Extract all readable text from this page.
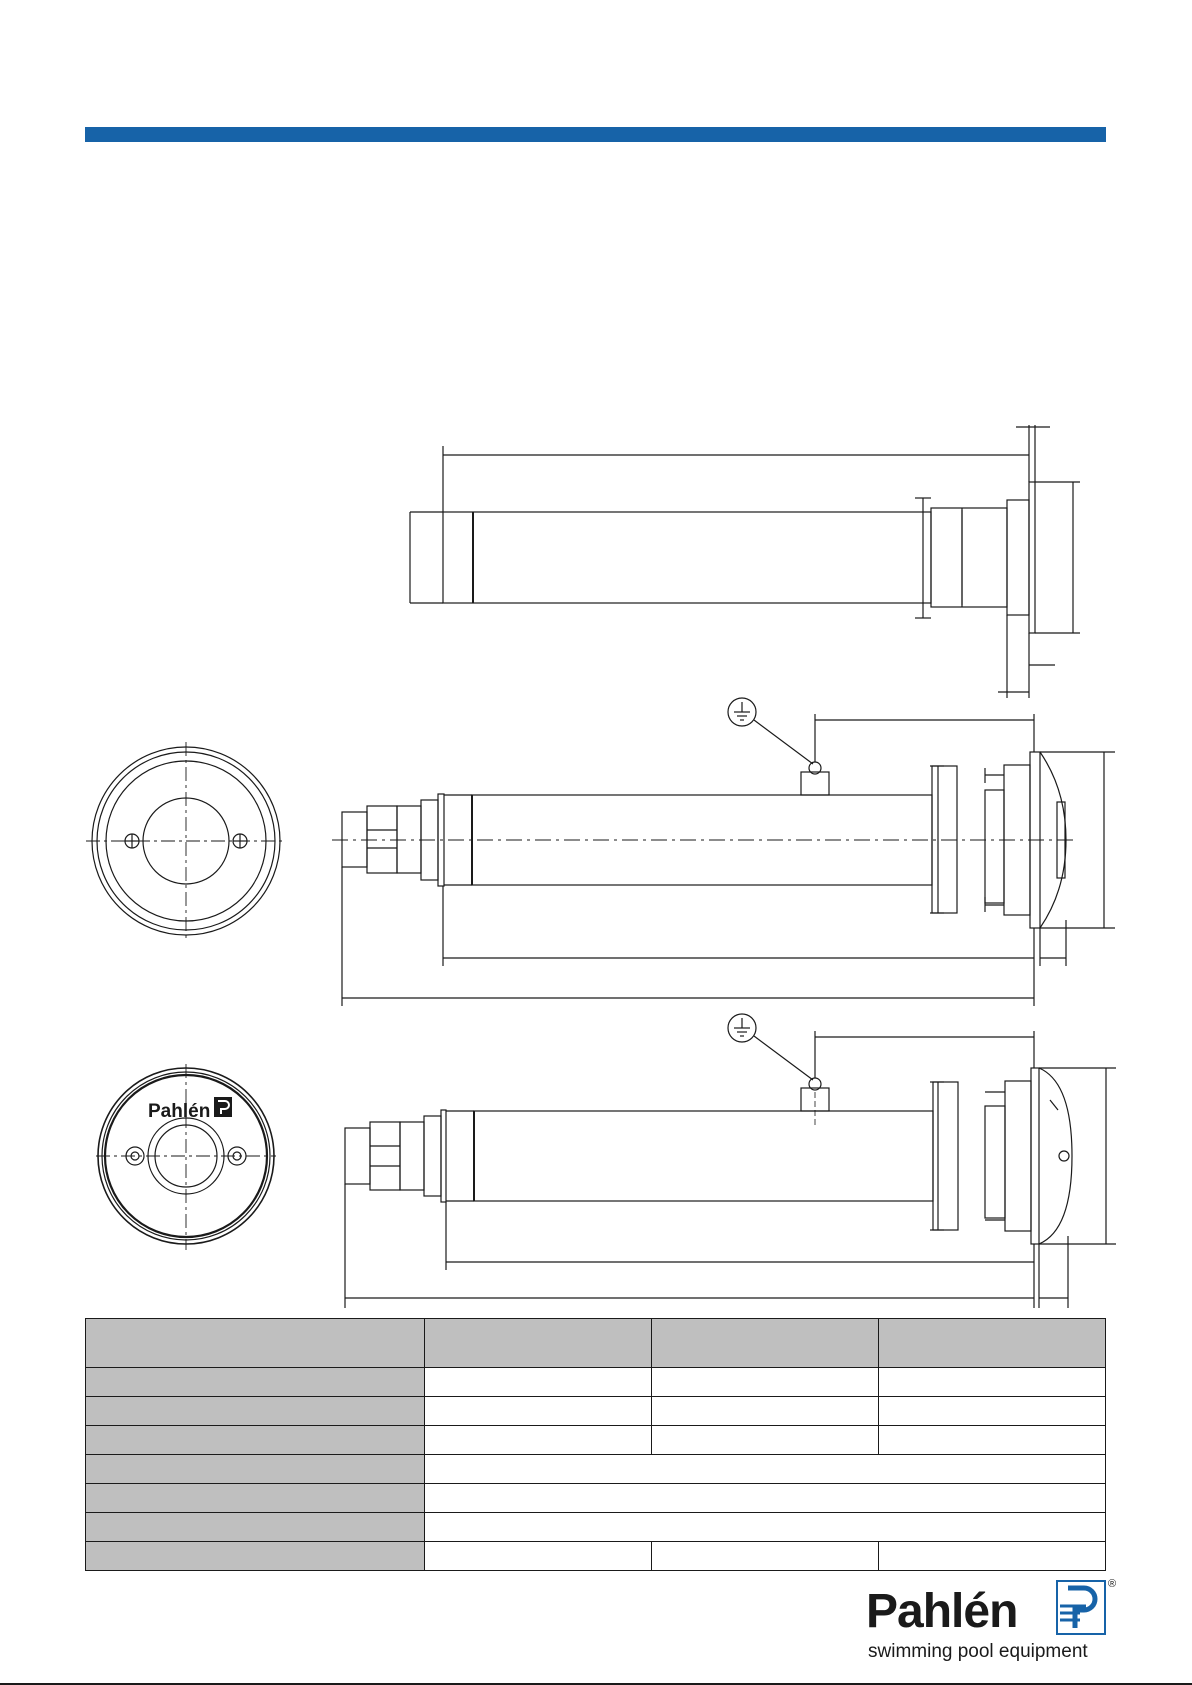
Pahlén

Pahlén
®
swimming pool equipment
